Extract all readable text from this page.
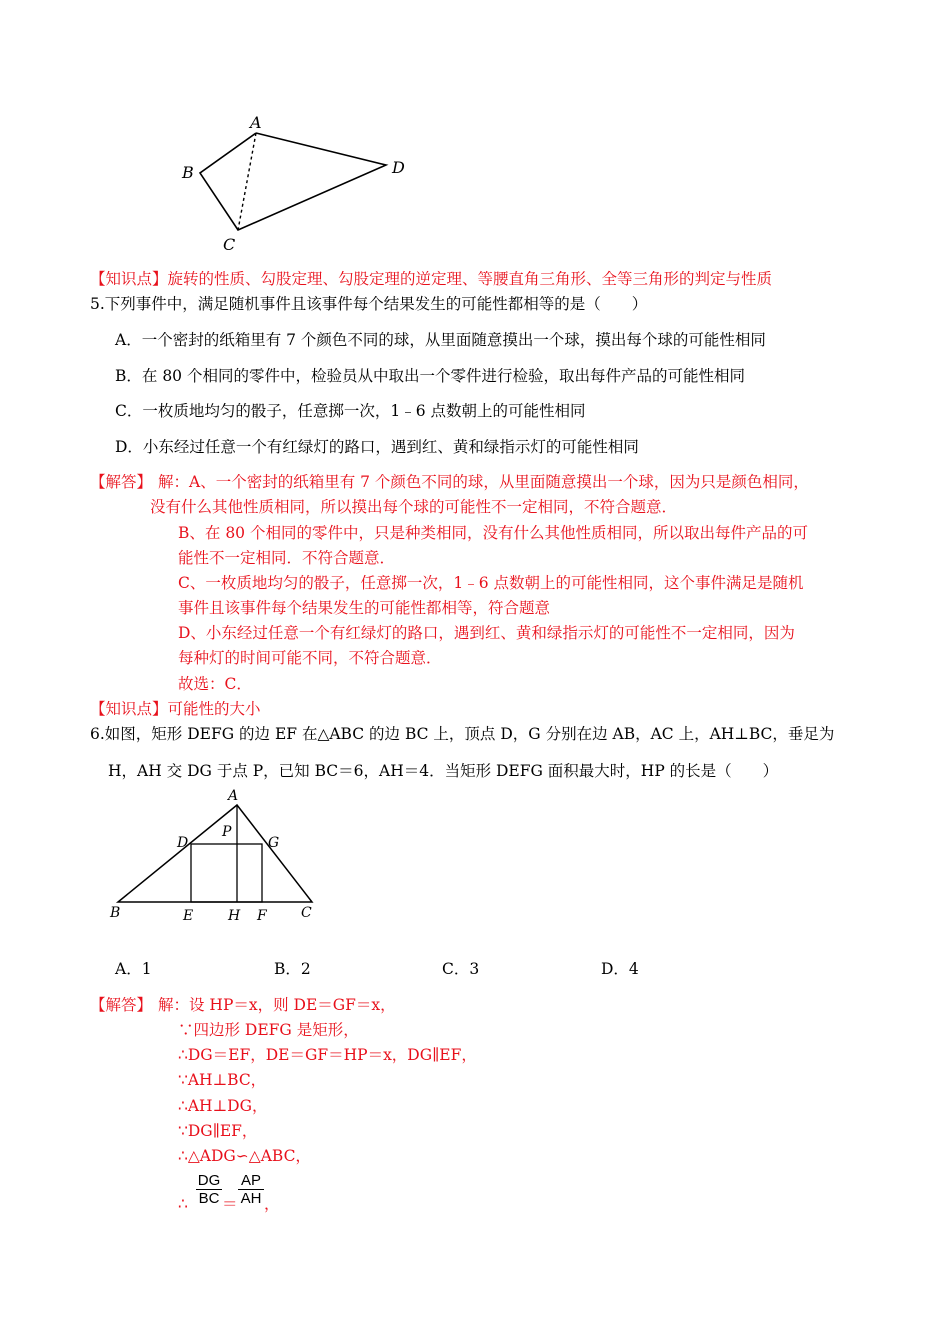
A
B
C
D
【知识点】旋转的性质、勾股定理、勾股定理的逆定理、等腰直角三角形、全等三角形的判定与性质
5.下列事件中，满足随机事件且该事件每个结果发生的可能性都相等的是（　　）
A．一个密封的纸箱里有 7 个颜色不同的球，从里面随意摸出一个球，摸出每个球的可能性相同
B．在 80 个相同的零件中，检验员从中取出一个零件进行检验，取出每件产品的可能性相同
C．一枚质地均匀的骰子，任意掷一次，1﹣6 点数朝上的可能性相同
D．小东经过任意一个有红绿灯的路口，遇到红、黄和绿指示灯的可能性相同
【解答】 解：A、一个密封的纸箱里有 7 个颜色不同的球，从里面随意摸出一个球，因为只是颜色相同，
没有什么其他性质相同，所以摸出每个球的可能性不一定相同，不符合题意．
B、在 80 个相同的零件中，只是种类相同，没有什么其他性质相同，所以取出每件产品的可
能性不一定相同．不符合题意．
C、一枚质地均匀的骰子，任意掷一次，1﹣6 点数朝上的可能性相同，这个事件满足是随机
事件且该事件每个结果发生的可能性都相等，符合题意
D、小东经过任意一个有红绿灯的路口，遇到红、黄和绿指示灯的可能性不一定相同，因为
每种灯的时间可能不同，不符合题意．
故选：C．
【知识点】可能性的大小
6.如图，矩形 DEFG 的边 EF 在△ABC 的边 BC 上，顶点 D，G 分别在边 AB，AC 上，AH⊥BC，垂足为
H，AH 交 DG 于点 P，已知 BC＝6，AH＝4．当矩形 DEFG 面积最大时，HP 的长是（　　）
A
P
D	G
B	E H F C
A．1	B．2	C．3	D．4
【解答】 解：设 HP＝x，则 DE＝GF＝x，
∵四边形 DEFG 是矩形，
∴DG＝EF，DE＝GF＝HP＝x，DG∥EF，
∵AH⊥BC，
∴AH⊥DG，
∵DG∥EF，
∴△ADG∽△ABC，
∴
DG
BC ＝
AP
AH ，
